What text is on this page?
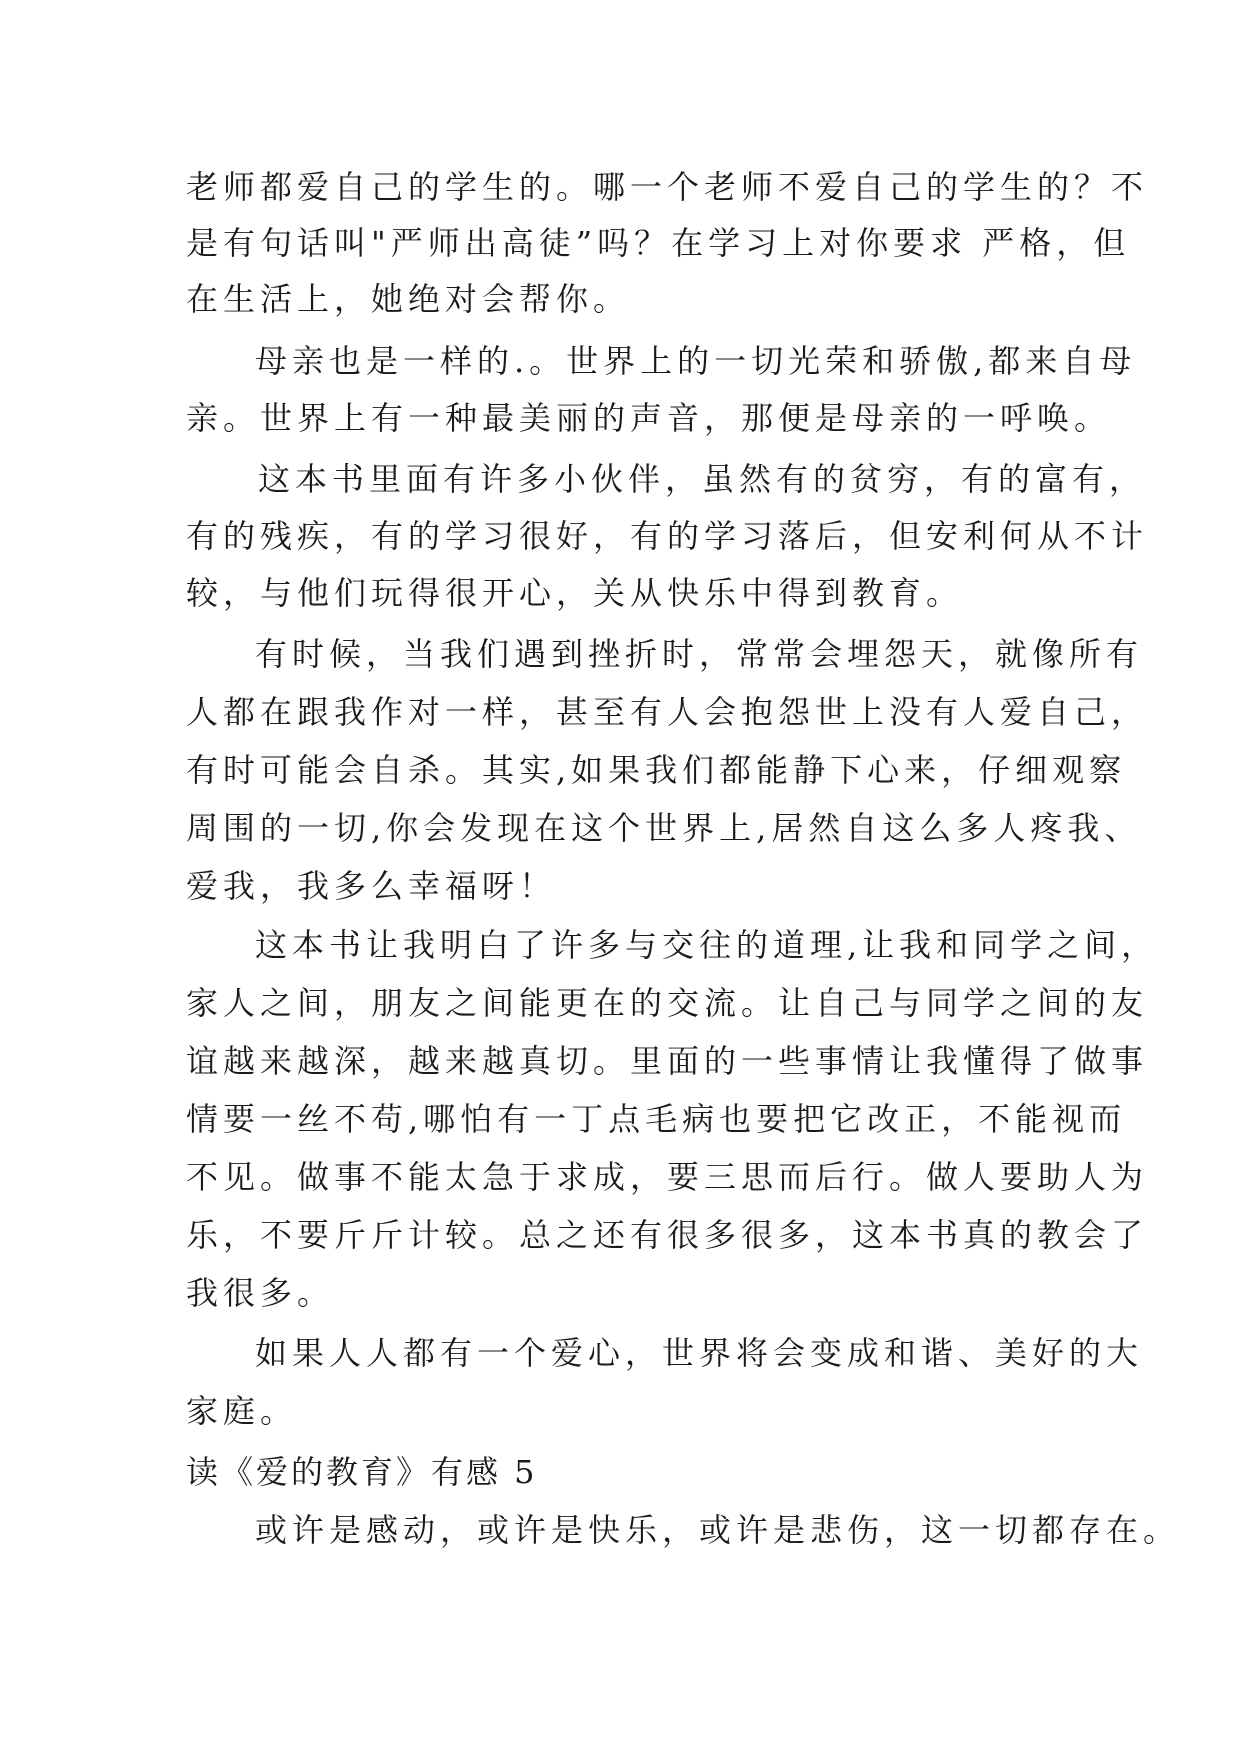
老师都爱自己的学生的。哪一个老师不爱自己的学生的？不
是有句话叫"严师出高徒”吗？在学习上对你要求 严格，但
在生活上，她绝对会帮你。
母亲也是一样的.。世界上的一切光荣和骄傲,都来自母
亲。世界上有一种最美丽的声音，那便是母亲的一呼唤。
这本书里面有许多小伙伴，虽然有的贫穷，有的富有，
有的残疾，有的学习很好，有的学习落后，但安利何从不计
较，与他们玩得很开心，关从快乐中得到教育。
有时候，当我们遇到挫折时，常常会埋怨天，就像所有
人都在跟我作对一样，甚至有人会抱怨世上没有人爱自己，
有时可能会自杀。其实,如果我们都能静下心来，仔细观察
周围的一切,你会发现在这个世界上,居然自这么多人疼我、
爱我，我多么幸福呀！
这本书让我明白了许多与交往的道理,让我和同学之间，
家人之间，朋友之间能更在的交流。让自己与同学之间的友
谊越来越深，越来越真切。里面的一些事情让我懂得了做事
情要一丝不苟,哪怕有一丁点毛病也要把它改正，不能视而
不见。做事不能太急于求成，要三思而后行。做人要助人为
乐，不要斤斤计较。总之还有很多很多，这本书真的教会了
我很多。
如果人人都有一个爱心，世界将会变成和谐、美好的大
家庭。
读《爱的教育》有感 5
或许是感动，或许是快乐，或许是悲伤，这一切都存在。
